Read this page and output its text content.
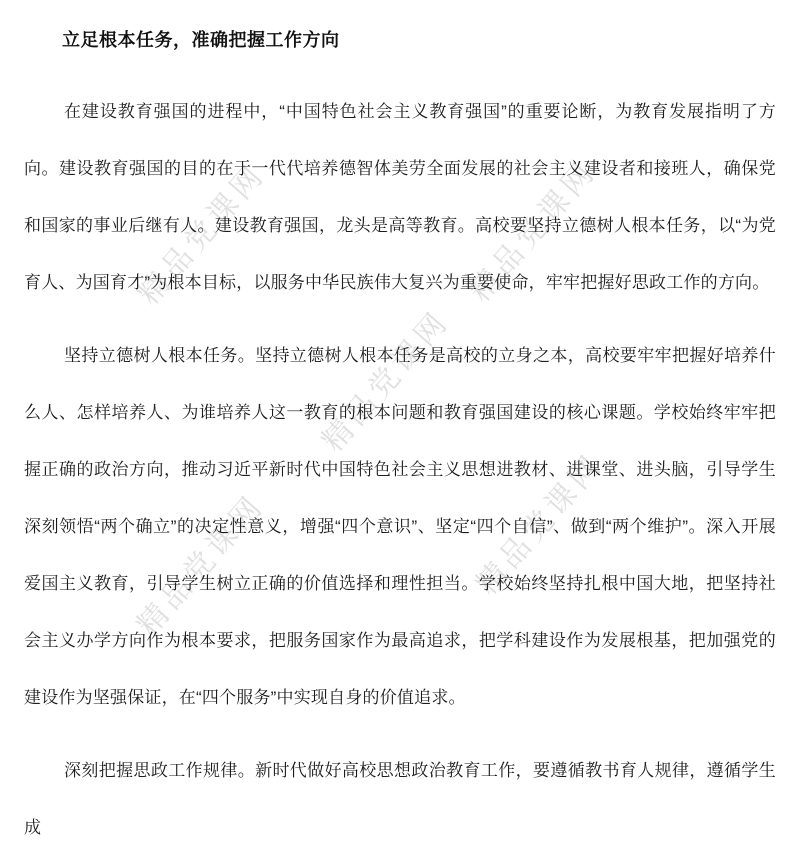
精品党课网	精品党课网
精品党课网
精品党课网	精品党课网
立足根本任务，准确把握工作方向

在建设教育强国的进程中，“中国特色社会主义教育强国”的重要论断，为教育发展指明了方向。建设教育强国的目的在于一代代培养德智体美劳全面发展的社会主义建设者和接班人，确保党和国家的事业后继有人。建设教育强国，龙头是高等教育。高校要坚持立德树人根本任务，以“为党育人、为国育才”为根本目标，以服务中华民族伟大复兴为重要使命，牢牢把握好思政工作的方向。

坚持立德树人根本任务。坚持立德树人根本任务是高校的立身之本，高校要牢牢把握好培养什么人、怎样培养人、为谁培养人这一教育的根本问题和教育强国建设的核心课题。学校始终牢牢把握正确的政治方向，推动习近平新时代中国特色社会主义思想进教材、进课堂、进头脑，引导学生深刻领悟“两个确立”的决定性意义，增强“四个意识”、坚定“四个自信”、做到“两个维护”。深入开展爱国主义教育，引导学生树立正确的价值选择和理性担当。学校始终坚持扎根中国大地，把坚持社会主义办学方向作为根本要求，把服务国家作为最高追求，把学科建设作为发展根基，把加强党的建设作为坚强保证，在“四个服务”中实现自身的价值追求。

深刻把握思政工作规律。新时代做好高校思想政治教育工作，要遵循教书育人规律，遵循学生成
